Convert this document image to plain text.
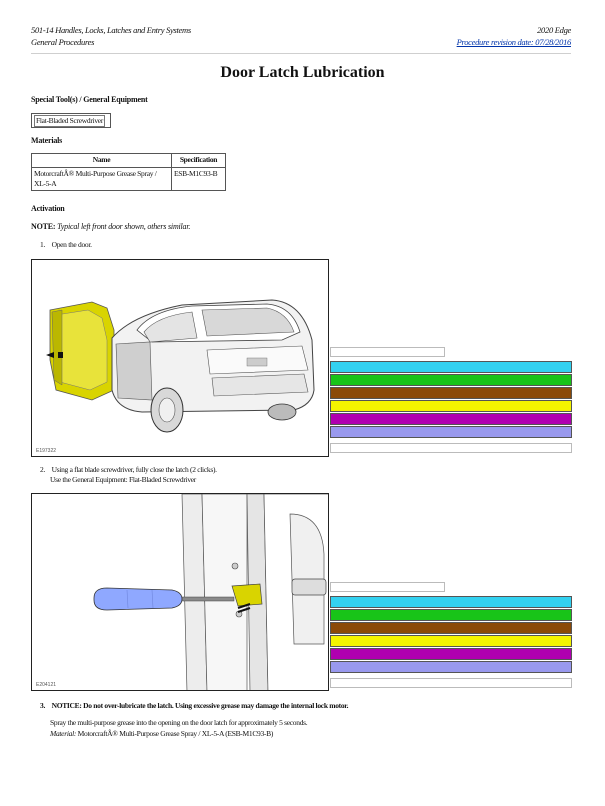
501-14 Handles, Locks, Latches and Entry Systems
General Procedures
2020 Edge
Procedure revision date: 07/28/2016
Door Latch Lubrication
Special Tool(s) / General Equipment
Flat-Bladed Screwdriver
Materials
Name	Specification
MotorcraftÂ® Multi-Purpose Grease Spray / XL-5-A	ESB-M1C93-B
Activation
NOTE: Typical left front door shown, others similar.
1. Open the door.
E197322
2. Using a flat blade screwdriver, fully close the latch (2 clicks).
Use the General Equipment: Flat-Bladed Screwdriver
E204121
3. NOTICE: Do not over-lubricate the latch. Using excessive grease may damage the internal lock motor.
Spray the multi-purpose grease into the opening on the door latch for approximately 5 seconds.
Material: MotorcraftÂ® Multi-Purpose Grease Spray / XL-5-A (ESB-M1C93-B)
